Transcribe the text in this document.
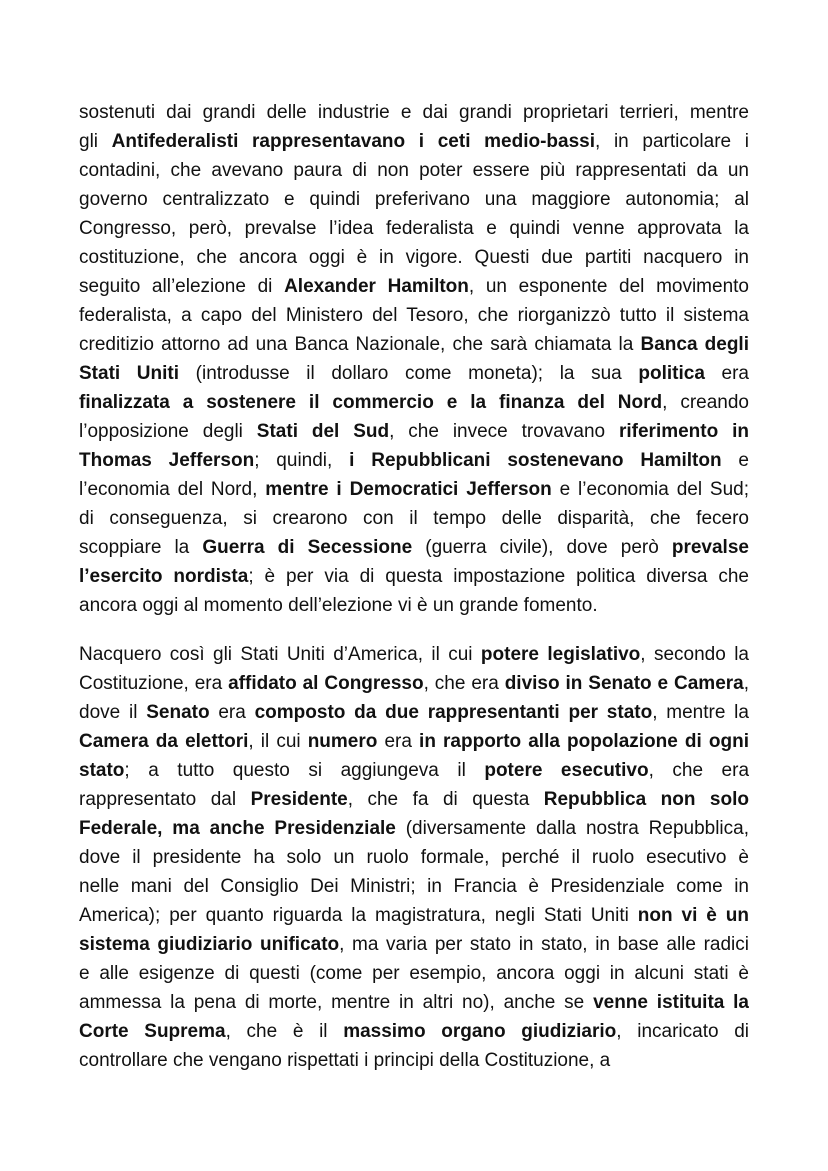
sostenuti dai grandi delle industrie e dai grandi proprietari terrieri, mentre
gli Antifederalisti rappresentavano i ceti medio-bassi, in particolare i
contadini, che avevano paura di non poter essere più rappresentati da un
governo centralizzato e quindi preferivano una maggiore autonomia; al
Congresso, però, prevalse l’idea federalista e quindi venne approvata la
costituzione, che ancora oggi è in vigore. Questi due partiti nacquero in
seguito all’elezione di Alexander Hamilton, un esponente del movimento
federalista, a capo del Ministero del Tesoro, che riorganizzò tutto il sistema
creditizio attorno ad una Banca Nazionale, che sarà chiamata la Banca degli
Stati Uniti (introdusse il dollaro come moneta); la sua politica era
finalizzata a sostenere il commercio e la finanza del Nord, creando
l’opposizione degli Stati del Sud, che invece trovavano riferimento in
Thomas Jefferson; quindi, i Repubblicani sostenevano Hamilton e
l’economia del Nord, mentre i Democratici Jefferson e l’economia del Sud;
di conseguenza, si crearono con il tempo delle disparità, che fecero
scoppiare la Guerra di Secessione (guerra civile), dove però prevalse
l’esercito nordista; è per via di questa impostazione politica diversa che
ancora oggi al momento dell’elezione vi è un grande fomento.
Nacquero così gli Stati Uniti d’America, il cui potere legislativo, secondo la
Costituzione, era affidato al Congresso, che era diviso in Senato e Camera,
dove il Senato era composto da due rappresentanti per stato, mentre la
Camera da elettori, il cui numero era in rapporto alla popolazione di ogni
stato; a tutto questo si aggiungeva il potere esecutivo, che era
rappresentato dal Presidente, che fa di questa Repubblica non solo
Federale, ma anche Presidenziale (diversamente dalla nostra Repubblica,
dove il presidente ha solo un ruolo formale, perché il ruolo esecutivo è
nelle mani del Consiglio Dei Ministri; in Francia è Presidenziale come in
America); per quanto riguarda la magistratura, negli Stati Uniti non vi è un
sistema giudiziario unificato, ma varia per stato in stato, in base alle radici
e alle esigenze di questi (come per esempio, ancora oggi in alcuni stati è
ammessa la pena di morte, mentre in altri no), anche se venne istituita la
Corte Suprema, che è il massimo organo giudiziario, incaricato di
controllare che vengano rispettati i principi della Costituzione, a
